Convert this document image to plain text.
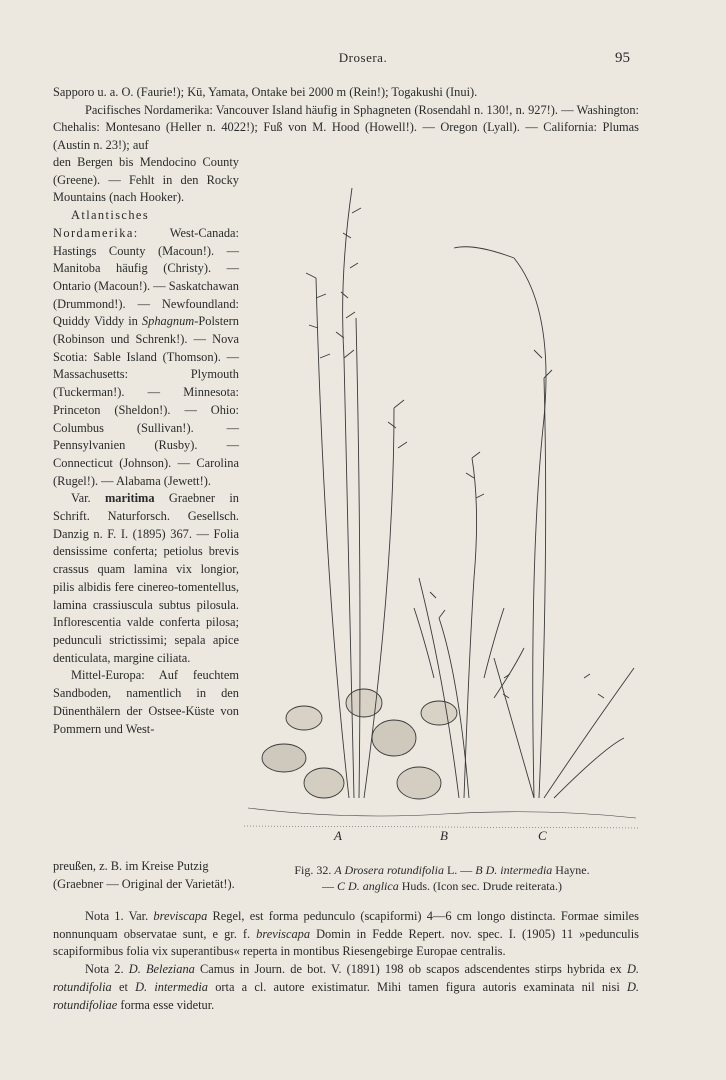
Drosera.	95

Sapporo u. a. O. (Faurie!); Kū, Yamata, Ontake bei 2000 m (Rein!); Togakushi (Inui).

Pacifisches Nordamerika: Vancouver Island häufig in Sphagneten (Rosendahl n. 130!, n. 927!). — Washington: Chehalis: Montesano (Heller n. 4022!); Fuß von M. Hood (Howell!). — Oregon (Lyall). — California: Plumas (Austin n. 23!); auf

den Bergen bis Mendocino County (Greene). — Fehlt in den Rocky Mountains (nach Hooker).

Atlantisches Nordamerika:	West-Canada: Hastings County (Macoun!). — Manitoba häufig (Christy). — Ontario (Macoun!). — Saskatchawan (Drummond!). — Newfoundland: Quiddy Viddy in Sphagnum-Polstern (Robinson und Schrenk!). — Nova Scotia: Sable Island (Thomson). — Massachusetts: Plymouth (Tuckerman!). — Minnesota: Princeton (Sheldon!). — Ohio: Columbus (Sullivan!). — Pennsylvanien (Rusby). — Connecticut (Johnson). — Carolina (Rugel!). — Alabama (Jewett!).

Var. maritima Graebner in Schrift. Naturforsch. Gesellsch. Danzig n. F. I. (1895) 367. — Folia densissime conferta; petiolus brevis crassus quam lamina vix longior, pilis albidis fere cinereo-tomentellus, lamina crassiuscula subtus pilosula. Inflorescentia valde conferta pilosa; pedunculi strictissimi; sepala apice denticulata, margine ciliata.

Mittel-Europa: Auf feuchtem Sandboden, namentlich in den Dünenthälern der Ostsee-Küste von Pommern und West-

A	B	C
preußen, z. B. im Kreise Putzig (Graebner — Original der Varietät!).
Fig. 32. A Drosera rotundifolia L. — B D. intermedia Hayne.
— C D. anglica Huds. (Icon sec. Drude reiterata.)

Nota 1. Var. breviscapa Regel, est forma pedunculo (scapiformi) 4—6 cm longo distincta. Formae similes nonnunquam observatae sunt, e gr. f. breviscapa Domin in Fedde Repert. nov. spec. I. (1905) 11 »pedunculis scapiformibus folia vix superantibus« reperta in montibus Riesengebirge Europae centralis.

Nota 2. D. Beleziana Camus in Journ. de bot. V. (1891) 198 ob scapos adscendentes stirps hybrida ex D. rotundifolia et D. intermedia orta a cl. autore existimatur. Mihi tamen figura autoris examinata nil nisi D. rotundifoliae forma esse videtur.
